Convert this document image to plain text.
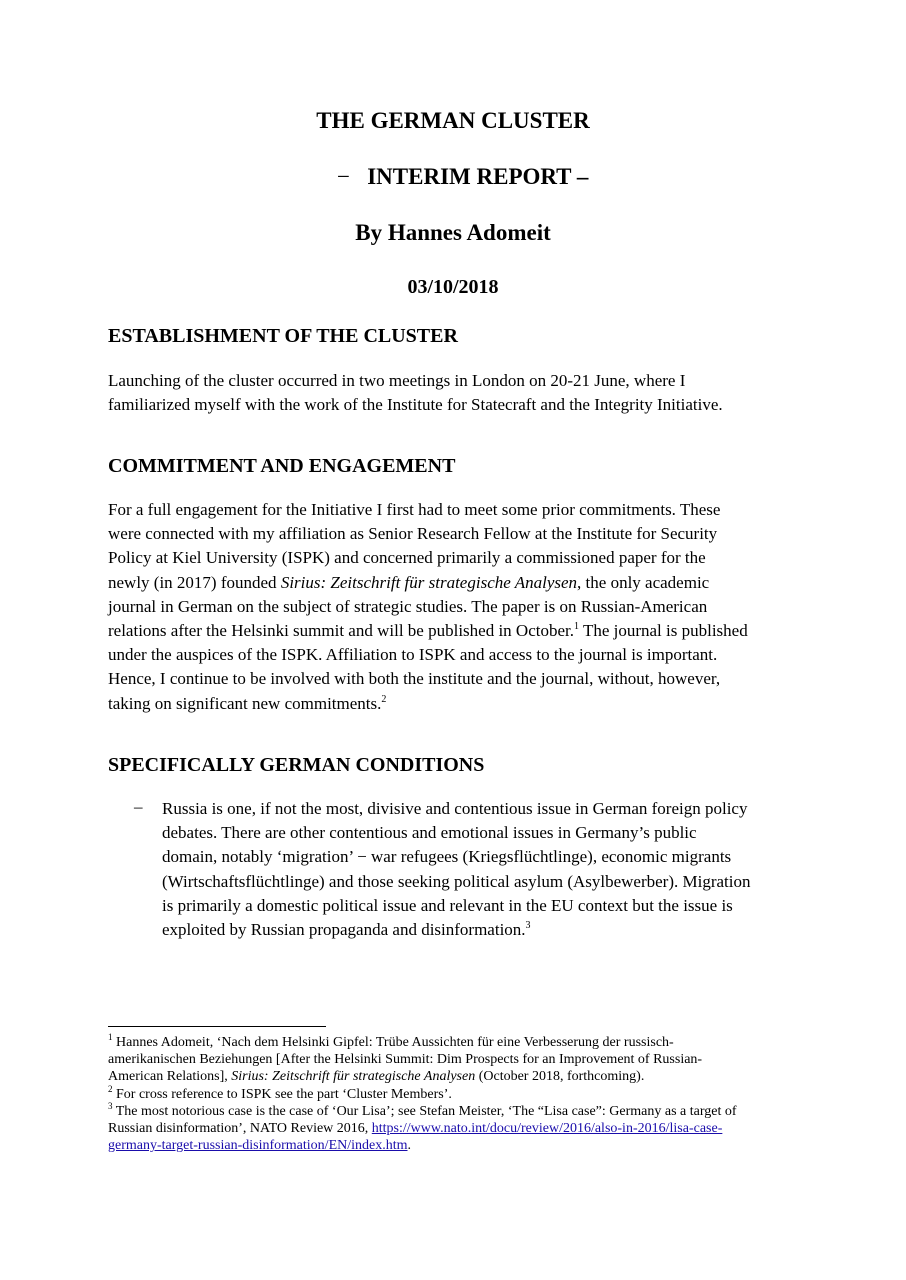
THE GERMAN CLUSTER
− INTERIM REPORT –
By Hannes Adomeit
03/10/2018
ESTABLISHMENT OF THE CLUSTER

Launching of the cluster occurred in two meetings in London on 20-21 June, where I

familiarized myself with the work of the Institute for Statecraft and the Integrity Initiative.

COMMITMENT AND ENGAGEMENT

For a full engagement for the Initiative I first had to meet some prior commitments. These

were connected with my affiliation as Senior Research Fellow at the Institute for Security

Policy at Kiel University (ISPK) and concerned primarily a commissioned paper for the

newly (in 2017) founded Sirius: Zeitschrift für strategische Analysen, the only academic

journal in German on the subject of strategic studies. The paper is on Russian-American

relations after the Helsinki summit and will be published in October.$^1$ The journal is published

under the auspices of the ISPK. Affiliation to ISPK and access to the journal is important.

Hence, I continue to be involved with both the institute and the journal, without, however,

taking on significant new commitments.$^2$

SPECIFICALLY GERMAN CONDITIONS
– Russia is one, if not the most, divisive and contentious issue in German foreign policy

debates. There are other contentious and emotional issues in Germany’s public

domain, notably ‘migration’ − war refugees (Kriegsflüchtlinge), economic migrants

(Wirtschaftsflüchtlinge) and those seeking political asylum (Asylbewerber). Migration

is primarily a domestic political issue and relevant in the EU context but the issue is

exploited by Russian propaganda and disinformation.$^3$

$^1$ Hannes Adomeit, ‘Nach dem Helsinki Gipfel: Trübe Aussichten für eine Verbesserung der russisch-

amerikanischen Beziehungen [After the Helsinki Summit: Dim Prospects for an Improvement of Russian-

American Relations], Sirius: Zeitschrift für strategische Analysen (October 2018, forthcoming).

$^2$ For cross reference to ISPK see the part ‘Cluster Members’.

$^3$ The most notorious case is the case of ‘Our Lisa’; see Stefan Meister, ‘The “Lisa case”: Germany as a target of

Russian disinformation’, NATO Review 2016, https://www.nato.int/docu/review/2016/also-in-2016/lisa-case-

germany-target-russian-disinformation/EN/index.htm.
